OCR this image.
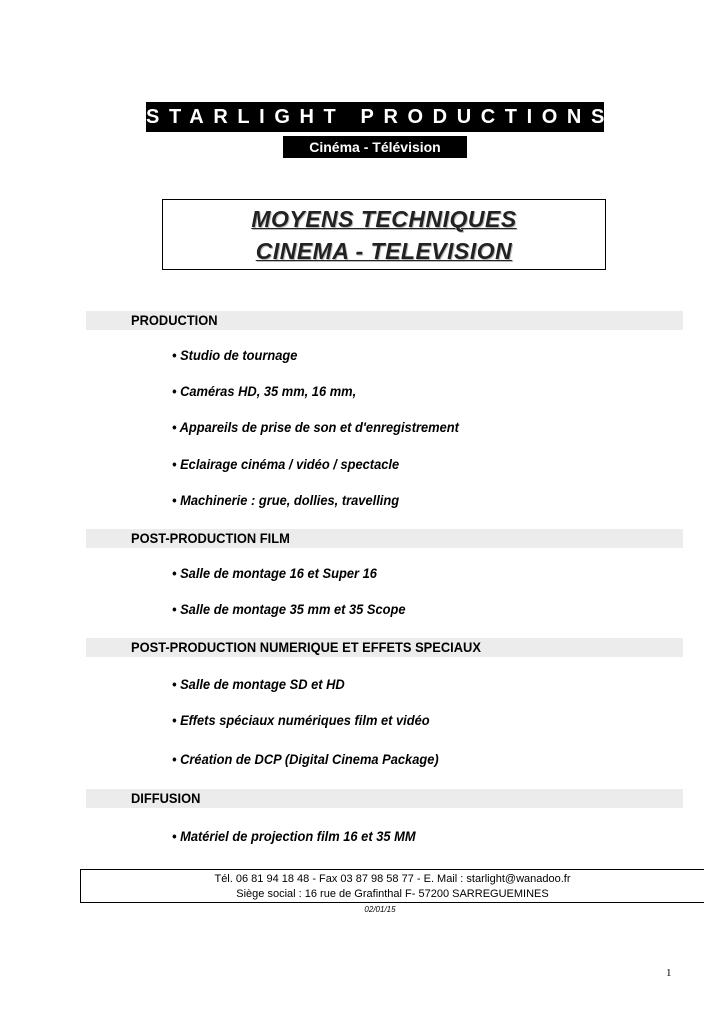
STARLIGHT PRODUCTIONS
Cinéma - Télévision
MOYENS TECHNIQUES
CINEMA - TELEVISION
PRODUCTION
• Studio de tournage
• Caméras HD, 35 mm, 16 mm,
• Appareils de prise de son et d'enregistrement
• Eclairage cinéma / vidéo / spectacle
• Machinerie : grue, dollies, travelling
POST-PRODUCTION FILM
• Salle de montage 16 et Super 16
• Salle de montage 35 mm et 35 Scope
POST-PRODUCTION NUMERIQUE ET EFFETS SPECIAUX
• Salle de montage SD et HD
• Effets spéciaux numériques film et vidéo
• Création de DCP (Digital Cinema Package)
DIFFUSION
• Matériel de projection film 16 et 35 MM
Tél. 06 81 94 18 48 - Fax 03 87 98 58 77 - E. Mail : starlight@wanadoo.fr
Siège social : 16 rue de Grafinthal F- 57200 SARREGUEMINES
02/01/15
1
